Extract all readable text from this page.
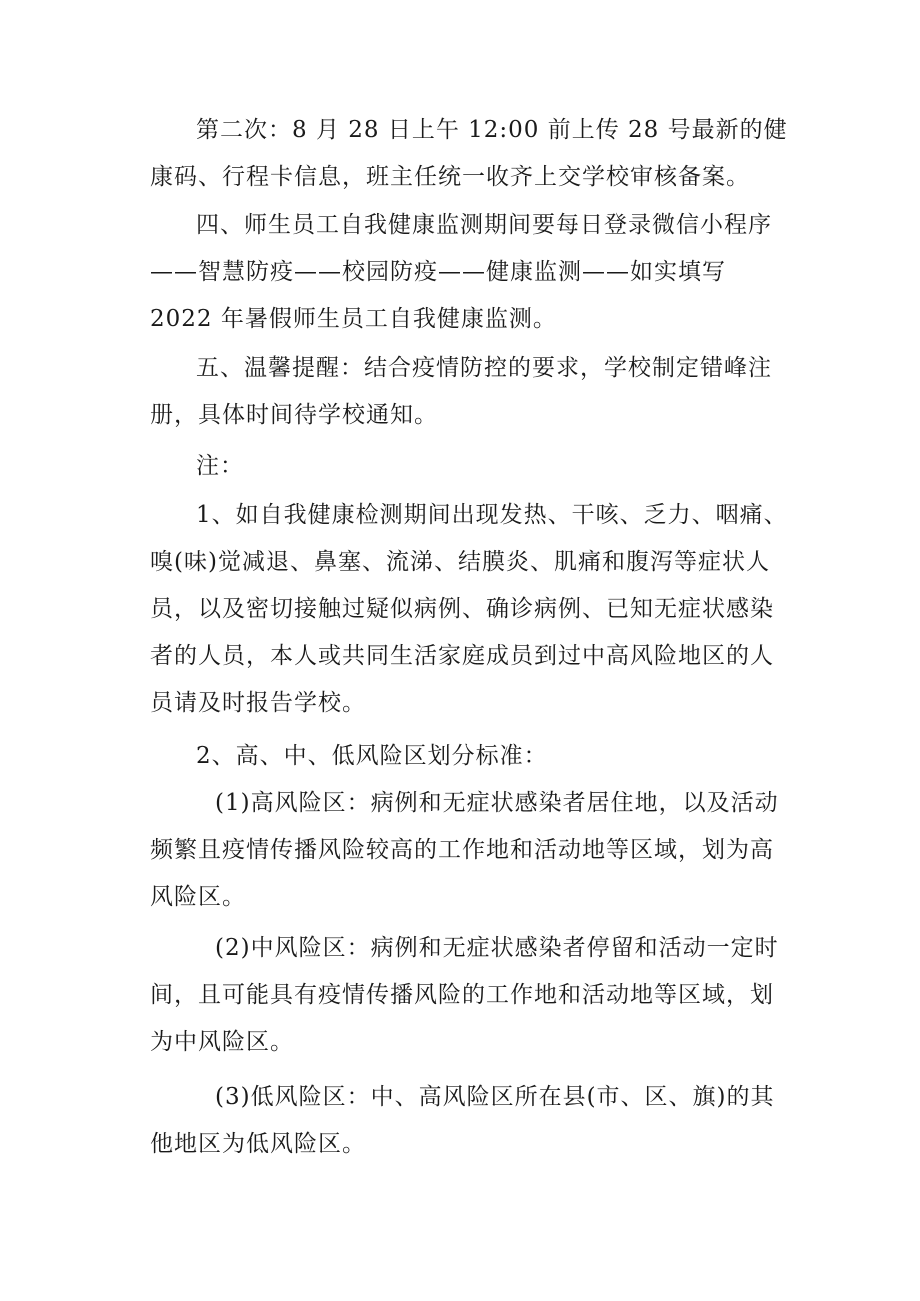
第二次：8 月 28 日上午 12:00 前上传 28 号最新的健康码、行程卡信息，班主任统一收齐上交学校审核备案。

四、师生员工自我健康监测期间要每日登录微信小程序——智慧防疫——校园防疫——健康监测——如实填写 2022 年暑假师生员工自我健康监测。

五、温馨提醒：结合疫情防控的要求，学校制定错峰注册，具体时间待学校通知。

注：

1、如自我健康检测期间出现发热、干咳、乏力、咽痛、嗅(味)觉减退、鼻塞、流涕、结膜炎、肌痛和腹泻等症状人员，以及密切接触过疑似病例、确诊病例、已知无症状感染者的人员，本人或共同生活家庭成员到过中高风险地区的人员请及时报告学校。

2、高、中、低风险区划分标准：

(1)高风险区：病例和无症状感染者居住地，以及活动频繁且疫情传播风险较高的工作地和活动地等区域，划为高风险区。

(2)中风险区：病例和无症状感染者停留和活动一定时间，且可能具有疫情传播风险的工作地和活动地等区域，划为中风险区。

(3)低风险区：中、高风险区所在县(市、区、旗)的其他地区为低风险区。
